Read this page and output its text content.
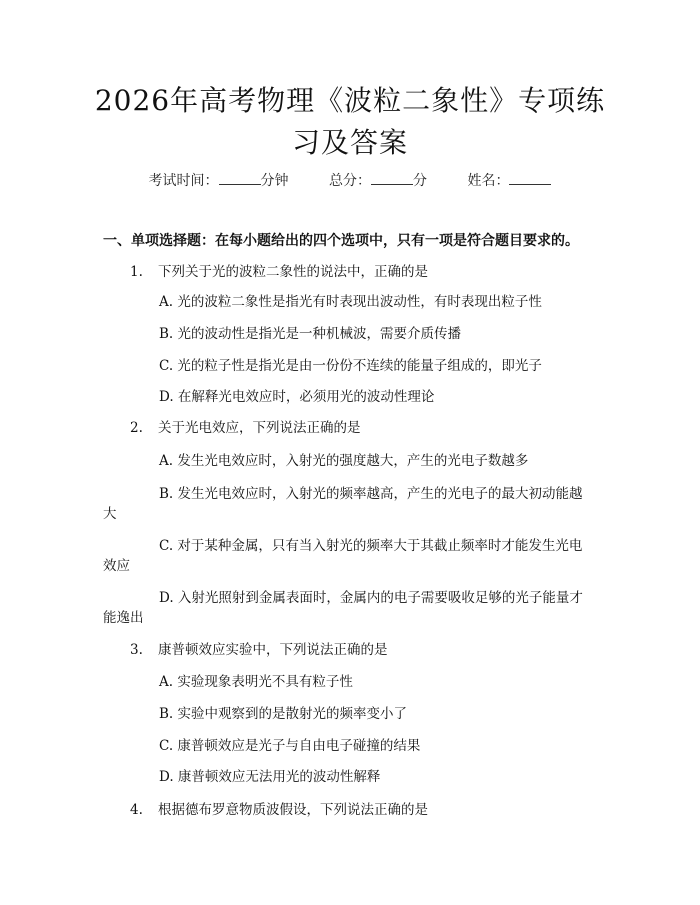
2026年高考物理《波粒二象性》专项练习及答案
考试时间：	分钟	总分：	分	姓名：
一、单项选择题：在每小题给出的四个选项中，只有一项是符合题目要求的。
1. 下列关于光的波粒二象性的说法中，正确的是
A. 光的波粒二象性是指光有时表现出波动性，有时表现出粒子性
B. 光的波动性是指光是一种机械波，需要介质传播
C. 光的粒子性是指光是由一份份不连续的能量子组成的，即光子
D. 在解释光电效应时，必须用光的波动性理论
2. 关于光电效应，下列说法正确的是
A. 发生光电效应时，入射光的强度越大，产生的光电子数越多
B. 发生光电效应时，入射光的频率越高，产生的光电子的最大初动能越
大
C. 对于某种金属，只有当入射光的频率大于其截止频率时才能发生光电
效应
D. 入射光照射到金属表面时，金属内的电子需要吸收足够的光子能量才
能逸出
3. 康普顿效应实验中，下列说法正确的是
A. 实验现象表明光不具有粒子性
B. 实验中观察到的是散射光的频率变小了
C. 康普顿效应是光子与自由电子碰撞的结果
D. 康普顿效应无法用光的波动性解释
4. 根据德布罗意物质波假设，下列说法正确的是
